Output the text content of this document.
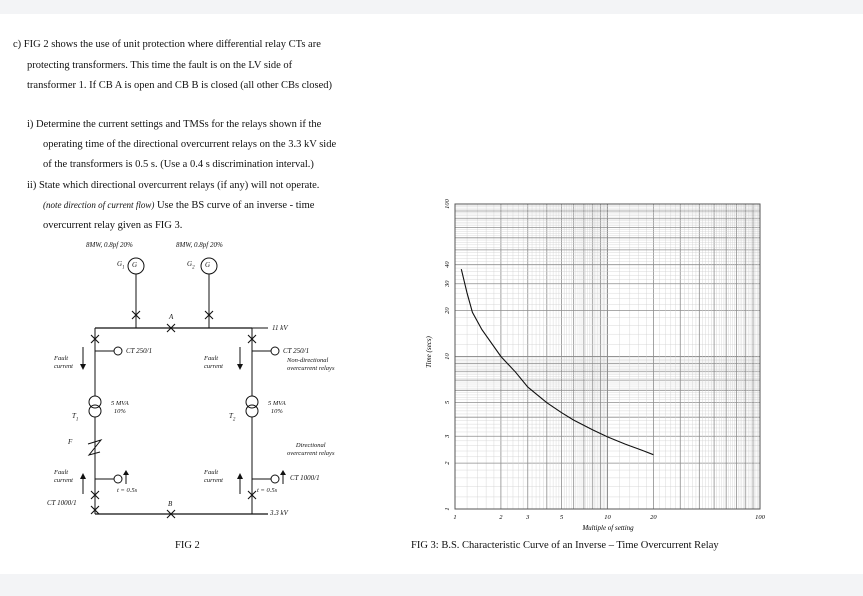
c) FIG 2 shows the use of unit protection where differential relay CTs are
protecting transformers. This time the fault is on the LV side of
transformer 1. If CB A is open and CB B is closed (all other CBs closed)
i) Determine the current settings and TMSs for the relays shown if the
operating time of the directional overcurrent relays on the 3.3 kV side
of the transformers is 0.5 s. (Use a 0.4 s discrimination interval.)
ii) State which directional overcurrent relays (if any) will not operate.
(note direction of current flow) Use the BS curve of an inverse - time
overcurrent relay given as FIG 3.
8MW, 0.8pf 20%	8MW, 0.8pf 20%
$G_1$	$G_2$
G	G
A
11 kV
Fault
current
Fault
current
CT 250/1	CT 250/1
Non-directional
overcurrent relays
$T_1$	$T_2$
5 MVA
10%
5 MVA
10%
F	Directional
overcurrent relays
Fault
current
Fault
current	CT 1000/1
t = 0.5s	t = 0.5s
CT 1000/1	B
3.3 kV
FIG 2
1	2	3	5	10	20	100
1
2
3
5
10
20
30
40
100
Time (secs)
Multiple of setting
FIG 3: B.S. Characteristic Curve of an Inverse – Time Overcurrent Relay
